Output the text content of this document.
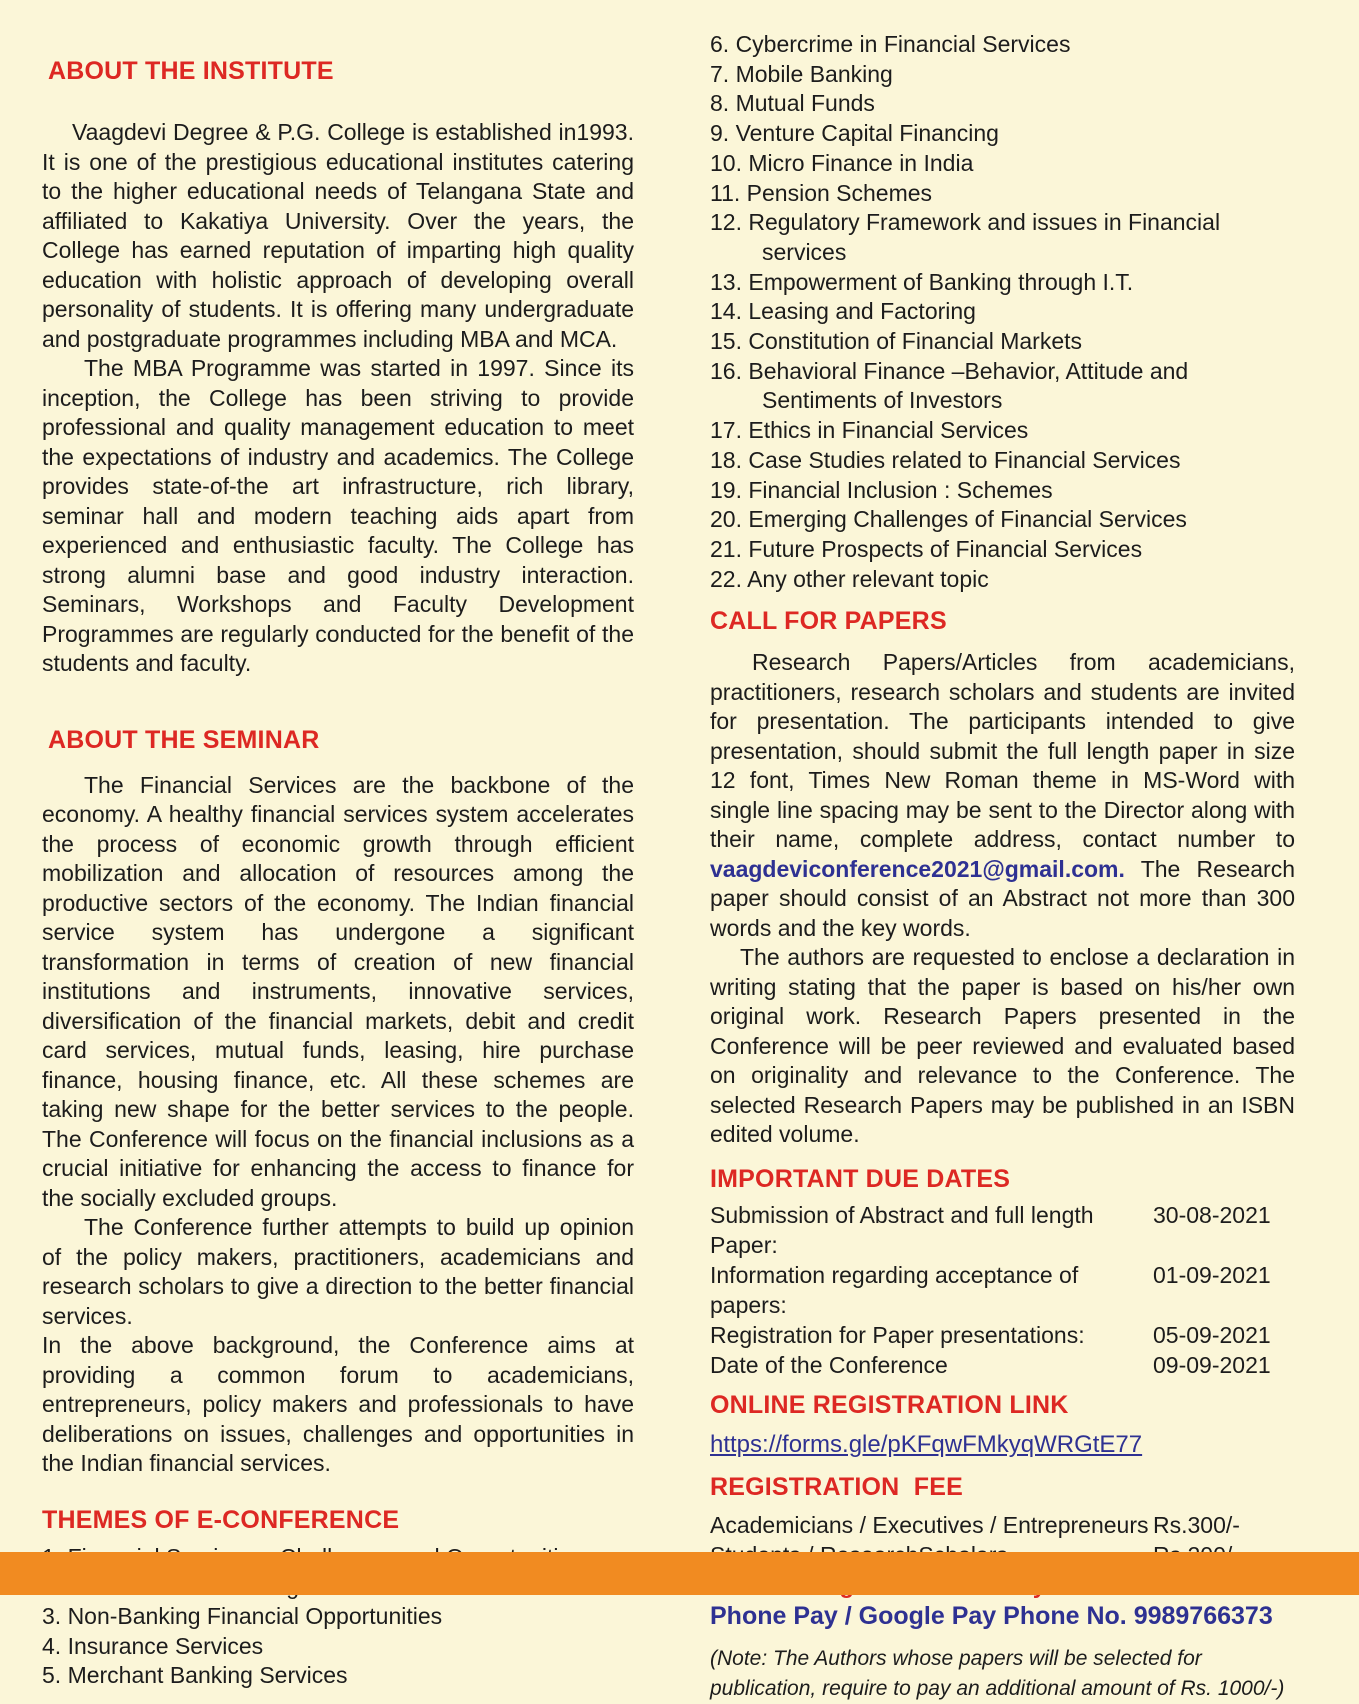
ABOUT THE INSTITUTE

Vaagdevi Degree & P.G. College is established in1993. It is one of the prestigious educational institutes catering to the higher educational needs of Telangana State and affiliated to Kakatiya University. Over the years, the College has earned reputation of imparting high quality education with holistic approach of developing overall personality of students. It is offering many undergraduate and postgraduate programmes including MBA and MCA.

The MBA Programme was started in 1997. Since its inception, the College has been striving to provide professional and quality management education to meet the expectations of industry and academics. The College provides state-of-the art infrastructure, rich library, seminar hall and modern teaching aids apart from experienced and enthusiastic faculty. The College has strong alumni base and good industry interaction. Seminars, Workshops and Faculty Development Programmes are regularly conducted for the benefit of the students and faculty.

ABOUT THE SEMINAR

The Financial Services are the backbone of the economy. A healthy financial services system accelerates the process of economic growth through efficient mobilization and allocation of resources among the productive sectors of the economy. The Indian financial service system has undergone a significant transformation in terms of creation of new financial institutions and instruments, innovative services, diversification of the financial markets, debit and credit card services, mutual funds, leasing, hire purchase finance, housing finance, etc. All these schemes are taking new shape for the better services to the people. The Conference will focus on the financial inclusions as a crucial initiative for enhancing the access to finance for the socially excluded groups.

The Conference further attempts to build up opinion of the policy makers, practitioners, academicians and research scholars to give a direction to the better financial services.

In the above background, the Conference aims at providing a common forum to academicians, entrepreneurs, policy makers and professionals to have deliberations on issues, challenges and opportunities in the Indian financial services.

THEMES OF E-CONFERENCE
3. Non-Banking Financial Opportunities
4. Insurance Services
5. Merchant Banking Services
6. Cybercrime in Financial Services
7. Mobile Banking
8. Mutual Funds
9. Venture Capital Financing
10. Micro Finance in India
11. Pension Schemes
12. Regulatory Framework and issues in Financial services
13. Empowerment of Banking through I.T.
14. Leasing and Factoring
15. Constitution of Financial Markets
16. Behavioral Finance –Behavior, Attitude and Sentiments of Investors
17. Ethics in Financial Services
18. Case Studies related to Financial Services
19. Financial Inclusion : Schemes
20. Emerging Challenges of Financial Services
21. Future Prospects of Financial Services
22. Any other relevant topic
CALL FOR PAPERS

Research Papers/Articles from academicians, practitioners, research scholars and students are invited for presentation. The participants intended to give presentation, should submit the full length paper in size 12 font, Times New Roman theme in MS-Word with single line spacing may be sent to the Director along with their name, complete address, contact number to vaagdeviconference2021@gmail.com. The Research paper should consist of an Abstract not more than 300 words and the key words.

The authors are requested to enclose a declaration in writing stating that the paper is based on his/her own original work. Research Papers presented in the Conference will be peer reviewed and evaluated based on originality and relevance to the Conference. The selected Research Papers may be published in an ISBN edited volume.

IMPORTANT DUE DATES
Submission of Abstract and full length Paper:
30-08-2021
Information regarding acceptance of papers:
01-09-2021
Registration for Paper presentations:	05-09-2021
Date of the Conference	09-09-2021
ONLINE REGISTRATION LINK
https://forms.gle/pKFqwFMkyqWRGtE77
REGISTRATION  FEE
Academicians / Executives / Entrepreneurs Rs.300/-
Phone Pay / Google Pay Phone No. 9989766373

(Note: The Authors whose papers will be selected for  publication, require to pay an additional amount of Rs. 1000/-)
